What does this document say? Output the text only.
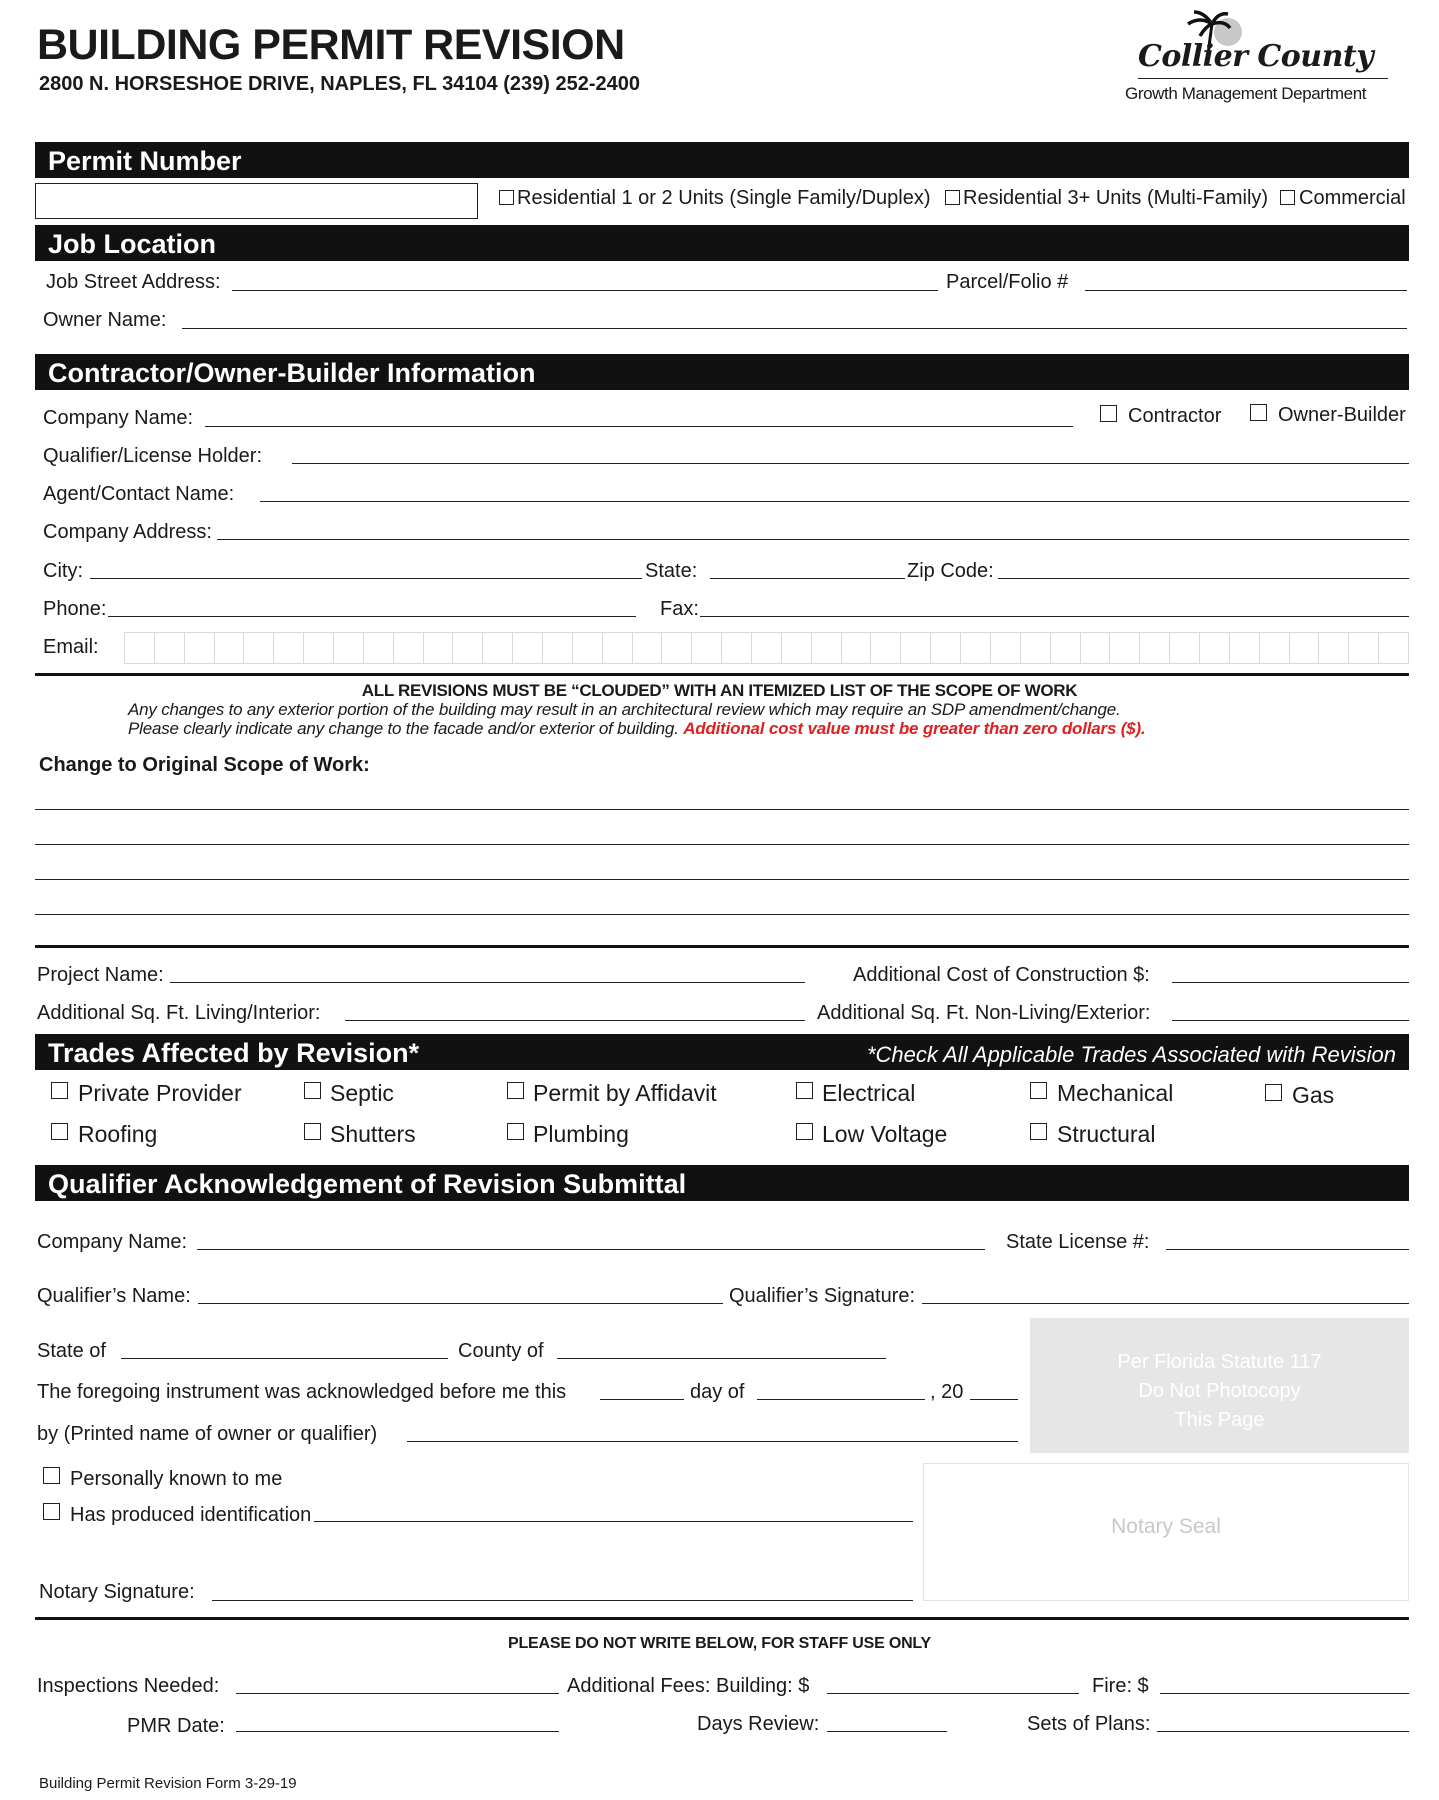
BUILDING PERMIT REVISION
2800 N. HORSESHOE DRIVE, NAPLES, FL 34104 (239) 252-2400
Collier County
Growth Management Department
Permit Number
Residential 1 or 2 Units (Single Family/Duplex) Residential 3+ Units (Multi-Family) Commercial
Job Location
Job Street Address:	Parcel/Folio #
Owner Name:
Contractor/Owner-Builder Information
Company Name:	Contractor	Owner-Builder
Qualifier/License Holder:
Agent/Contact Name:
Company Address:
City:	State:	Zip Code:
Phone:	Fax:
Email:
ALL REVISIONS MUST BE “CLOUDED” WITH AN ITEMIZED LIST OF THE SCOPE OF WORK
Any changes to any exterior portion of the building may result in an architectural review which may require an SDP amendment/change.
Please clearly indicate any change to the facade and/or exterior of building. Additional cost value must be greater than zero dollars ($).
Change to Original Scope of Work:
Project Name:	Additional Cost of Construction $:
Additional Sq. Ft. Living/Interior:	Additional Sq. Ft. Non-Living/Exterior:
Trades Affected by Revision*	*Check All Applicable Trades Associated with Revision
Private Provider	Septic	Permit by Affidavit	Electrical	Mechanical	Gas
Roofing	Shutters	Plumbing	Low Voltage	Structural
Qualifier Acknowledgement of Revision Submittal
Company Name:	State License #:
Qualifier’s Name:	Qualifier’s Signature:
State of	County of
The foregoing instrument was acknowledged before me this	day of	, 20
by (Printed name of owner or qualifier)
Personally known to me
Has produced identification
Notary Signature:
Per Florida Statute 117
Do Not Photocopy
This Page
Notary Seal
PLEASE DO NOT WRITE BELOW, FOR STAFF USE ONLY
Inspections Needed:	Additional Fees: Building: $	Fire: $
PMR Date:	Days Review:	Sets of Plans:
Building Permit Revision Form 3-29-19
